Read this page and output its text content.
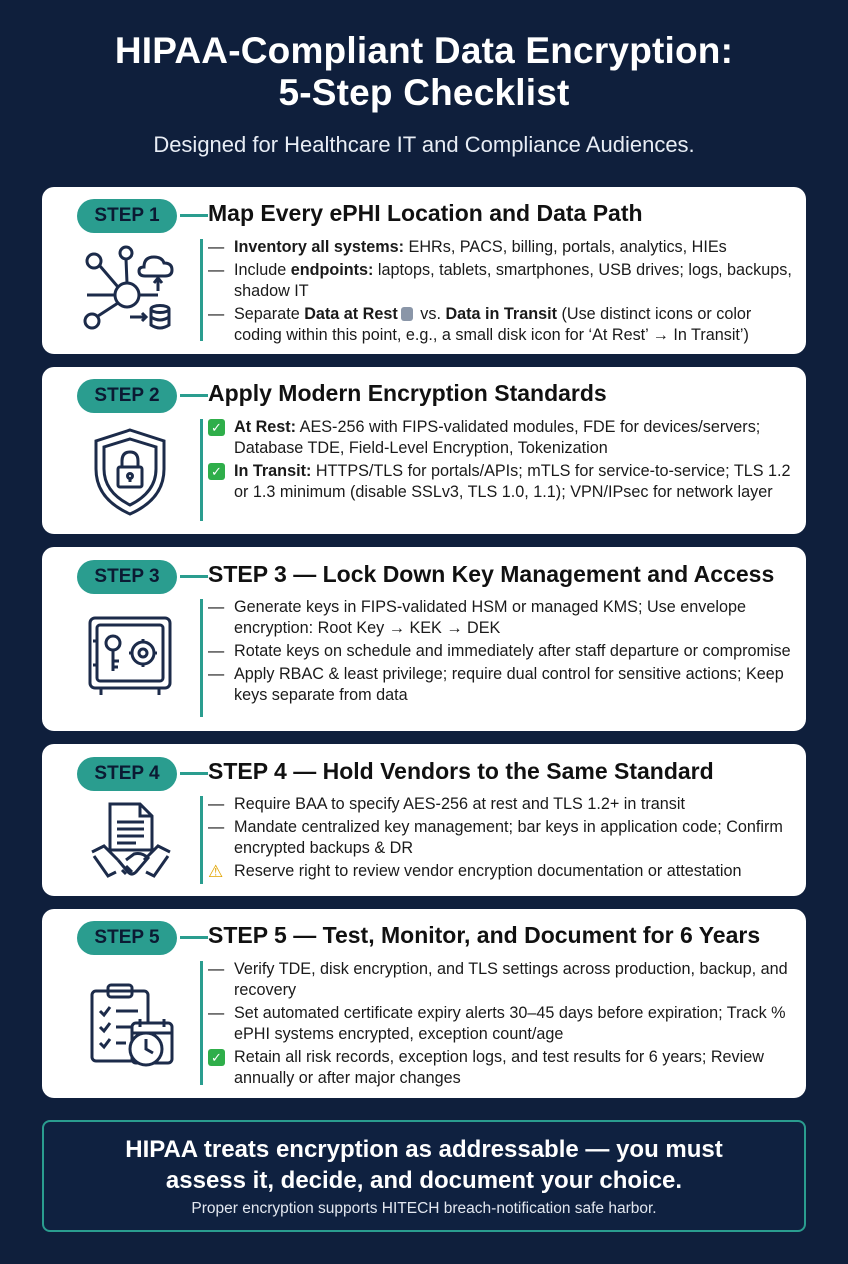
HIPAA-Compliant Data Encryption:
5-Step Checklist
Designed for Healthcare IT and Compliance Audiences.
STEP 1	Map Every ePHI Location and Data Path
— Inventory all systems: EHRs, PACS, billing, portals, analytics, HIEs
— Include endpoints: laptops, tablets, smartphones, USB drives; logs, backups, shadow IT
— Separate Data at Rest vs. Data in Transit (Use distinct icons or color coding within this point, e.g., a small disk icon for ‘At Rest’ → In Transit’)
STEP 2	Apply Modern Encryption Standards
✓ At Rest: AES-256 with FIPS-validated modules, FDE for devices/servers; Database TDE, Field-Level Encryption, Tokenization
✓ In Transit: HTTPS/TLS for portals/APIs; mTLS for service-to-service; TLS 1.2 or 1.3 minimum (disable SSLv3, TLS 1.0, 1.1); VPN/IPsec for network layer
STEP 3	STEP 3 — Lock Down Key Management and Access
— Generate keys in FIPS-validated HSM or managed KMS; Use envelope encryption: Root Key → KEK → DEK
— Rotate keys on schedule and immediately after staff departure or compromise
— Apply RBAC & least privilege; require dual control for sensitive actions; Keep keys separate from data
STEP 4	STEP 4 — Hold Vendors to the Same Standard
— Require BAA to specify AES-256 at rest and TLS 1.2+ in transit
— Mandate centralized key management; bar keys in application code; Confirm encrypted backups & DR
⚠ Reserve right to review vendor encryption documentation or attestation
STEP 5	STEP 5 — Test, Monitor, and Document for 6 Years
— Verify TDE, disk encryption, and TLS settings across production, backup, and recovery
— Set automated certificate expiry alerts 30–45 days before expiration; Track % ePHI systems encrypted, exception count/age
✓ Retain all risk records, exception logs, and test results for 6 years; Review annually or after major changes
HIPAA treats encryption as addressable — you must
assess it, decide, and document your choice.
Proper encryption supports HITECH breach-notification safe harbor.
